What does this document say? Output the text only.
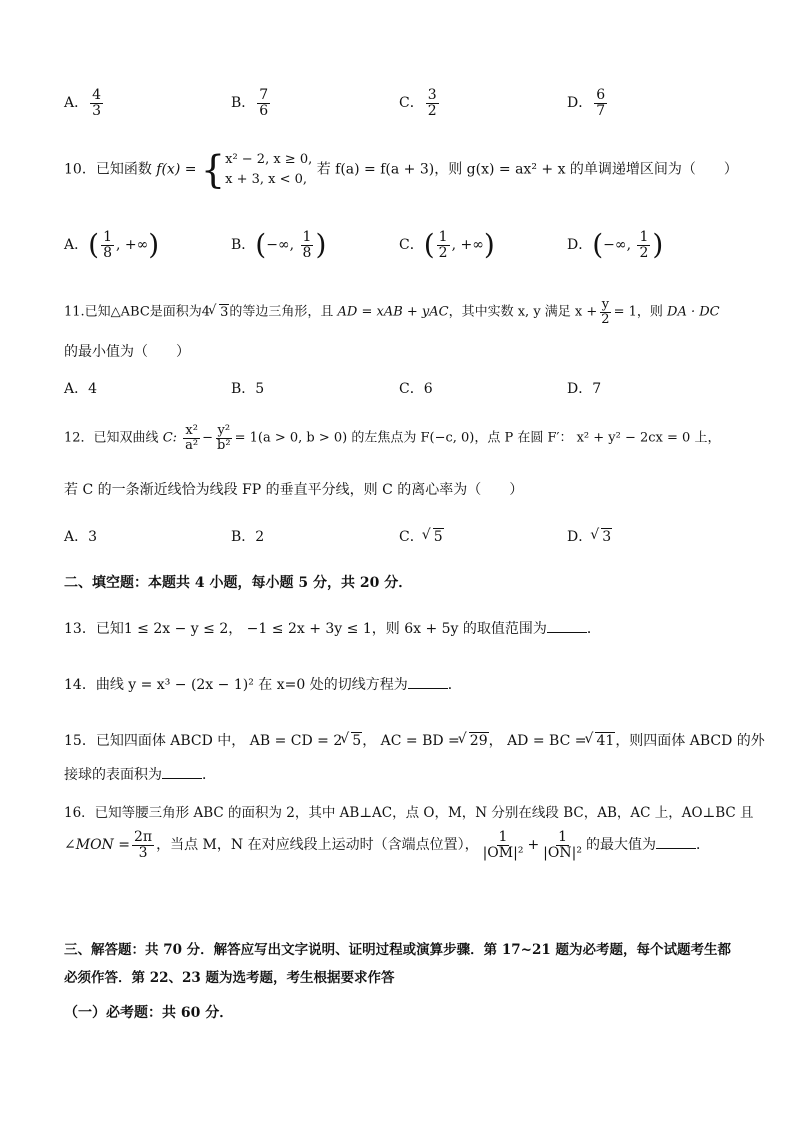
A． $\frac{4}{3}$	B． $\frac{7}{6}$	C． $\frac{3}{2}$	D． $\frac{6}{7}$
10．已知函数 f(x) = { x² − 2, x ≥ 0,
x + 3, x < 0,
若 f(a) = f(a + 3)，则 g(x) = ax² + x 的单调递增区间为（　　）
A．( $\frac{1}{8}$ , +∞)	B．(−∞, $\frac{1}{8}$ )	C．( $\frac{1}{2}$ , +∞)	D．(−∞, $\frac{1}{2}$ )
11.已知△ABC是面积为4 √ 3的等边三角形，且 AD = xAB + yAC，其中实数 x, y 满足 $x + \frac{y}{2} = 1$，则 DA · DC
的最小值为（　　）
A．4	B．5	C．6	D．7
12．已知双曲线 C: $\frac{\text{x²}}{\text{a²}} - \frac{\text{y²}}{\text{b²}} = 1(a > 0$, b > 0) 的左焦点为 F(−c, 0)，点 P 在圆 F′： x² + y² − 2cx = 0 上，
若 C 的一条渐近线恰为线段 FP 的垂直平分线，则 C 的离心率为（　　）
A．3	B．2	C． √ 5	D． √ 3
二、填空题：本题共 4 小题，每小题 5 分，共 20 分．
13．已知1 ≤ 2x − y ≤ 2， −1 ≤ 2x + 3y ≤ 1，则 6x + 5y 的取值范围为	．
14．曲线 y = x³ − (2x − 1)² 在 x=0 处的切线方程为	．
15．已知四面体 ABCD 中， AB = CD = 2 √ 5， AC = BD = √ 29， AD = BC = √ 41，则四面体 ABCD 的外
接球的表面积为	．
16．已知等腰三角形 ABC 的面积为 2，其中 AB⊥AC，点 O，M，N 分别在线段 BC，AB，AC 上，AO⊥BC 且
∠MON = $\frac{2\pi}{3}$ ，当点 M，N 在对应线段上运动时（含端点位置）， $\frac{1}{\text{|OM|²}} + \frac{1}{\text{|ON|²}}$ 的最大值为	．
三、解答题：共 70 分．解答应写出文字说明、证明过程或演算步骤．第 17~21 题为必考题，每个试题考生都
必须作答．第 22、23 题为选考题，考生根据要求作答
（一）必考题：共 60 分．
